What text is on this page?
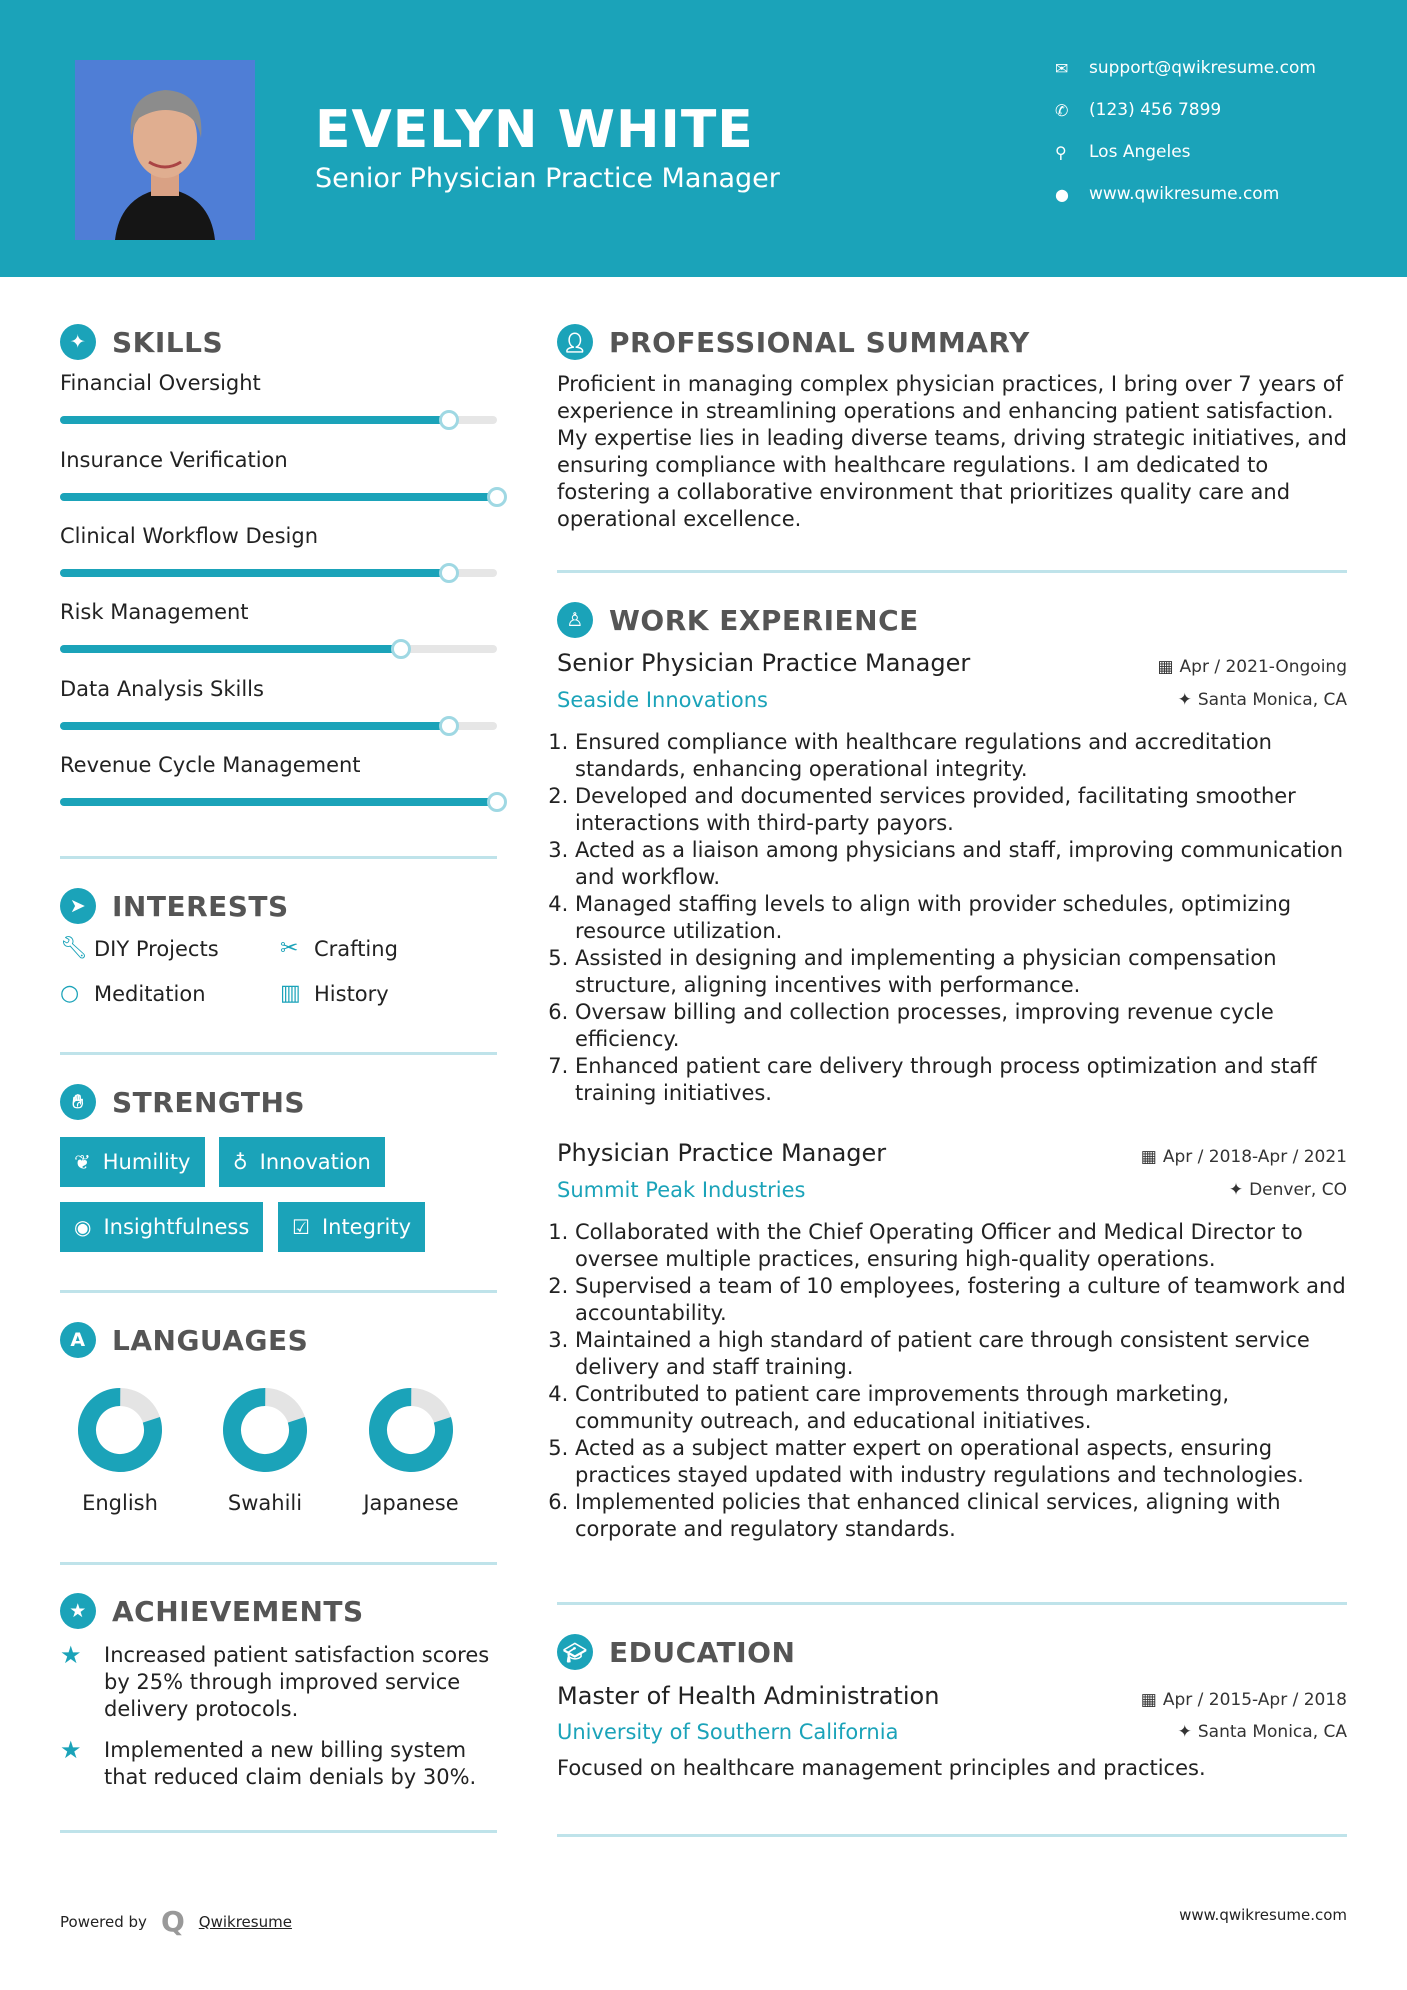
EVELYN WHITE
Senior Physician Practice Manager
✉	support@qwikresume.com
✆	(123) 456 7899
⚲	Los Angeles
●	www.qwikresume.com
✦ SKILLS
Financial Oversight
Insurance Verification
Clinical Workflow Design
Risk Management
Data Analysis Skills
Revenue Cycle Management
➤ INTERESTS
🔧︎ DIY Projects	✂ Crafting
○ Meditation	▥ History
✋︎	STRENGTHS
❦ Humility ♁ Innovation
◉ Insightfulness ☑ Integrity
A LANGUAGES
English	Swahili	Japanese
★ ACHIEVEMENTS
★	Increased patient satisfaction scores by 25% through improved service delivery protocols.
★	Implemented a new billing system that reduced claim denials by 30%.
👤︎ PROFESSIONAL SUMMARY
Proficient in managing complex physician practices, I bring over 7 years of experience in streamlining operations and enhancing patient satisfaction. My expertise lies in leading diverse teams, driving strategic initiatives, and ensuring compliance with healthcare regulations. I am dedicated to fostering a collaborative environment that prioritizes quality care and operational excellence.
♙ WORK EXPERIENCE
Senior Physician Practice Manager	▦ Apr / 2021-Ongoing
Seaside Innovations	✦ Santa Monica, CA
1. Ensured compliance with healthcare regulations and accreditation standards, enhancing operational integrity.
2. Developed and documented services provided, facilitating smoother interactions with third-party payors.
3. Acted as a liaison among physicians and staff, improving communication and workflow.
4. Managed staffing levels to align with provider schedules, optimizing resource utilization.
5. Assisted in designing and implementing a physician compensation structure, aligning incentives with performance.
6. Oversaw billing and collection processes, improving revenue cycle efficiency.
7. Enhanced patient care delivery through process optimization and staff training initiatives.
Physician Practice Manager	▦ Apr / 2018-Apr / 2021
Summit Peak Industries	✦ Denver, CO
1. Collaborated with the Chief Operating Officer and Medical Director to oversee multiple practices, ensuring high-quality operations.
2. Supervised a team of 10 employees, fostering a culture of teamwork and accountability.
3. Maintained a high standard of patient care through consistent service delivery and staff training.
4. Contributed to patient care improvements through marketing, community outreach, and educational initiatives.
5. Acted as a subject matter expert on operational aspects, ensuring practices stayed updated with industry regulations and technologies.
6. Implemented policies that enhanced clinical services, aligning with corporate and regulatory standards.
🎓︎ EDUCATION
Master of Health Administration	▦ Apr / 2015-Apr / 2018
University of Southern California	✦ Santa Monica, CA
Focused on healthcare management principles and practices.
Powered by Q Qwikresume	www.qwikresume.com
